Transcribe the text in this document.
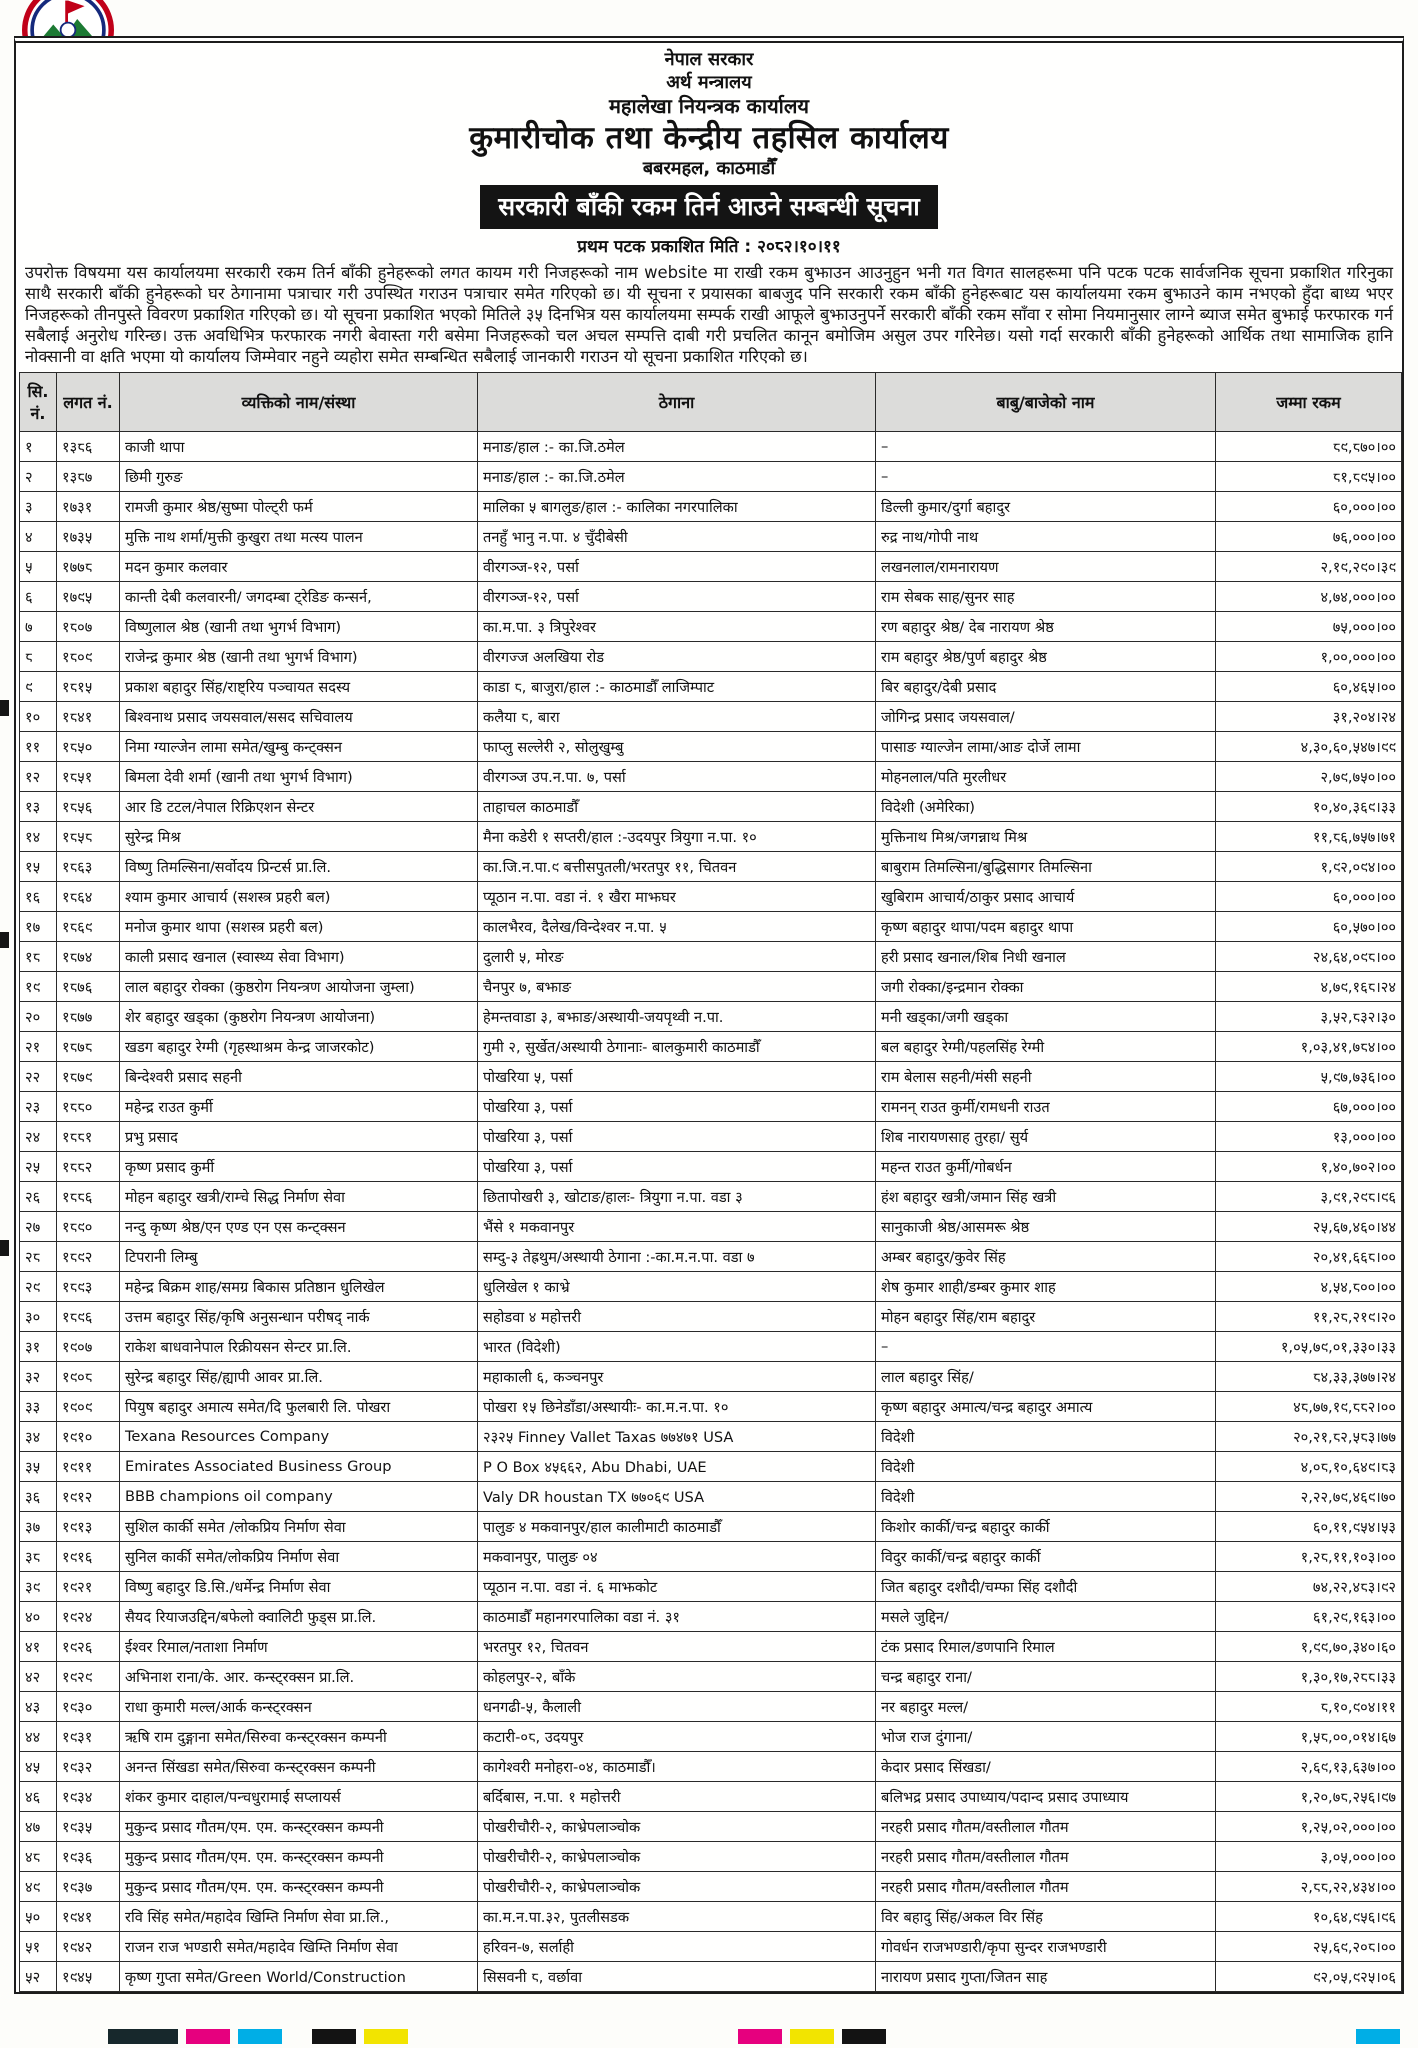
नेपाल सरकार
अर्थ मन्त्रालय
महालेखा नियन्त्रक कार्यालय
कुमारीचोक तथा केन्द्रीय तहसिल कार्यालय
बबरमहल, काठमाडौँ
सरकारी बाँकी रकम तिर्न आउने सम्बन्धी सूचना
प्रथम पटक प्रकाशित मिति : २०८२।१०।११
उपरोक्त विषयमा यस कार्यालयमा सरकारी रकम तिर्न बाँकी हुनेहरूको लगत कायम गरी निजहरूको नाम website मा राखी रकम बुझाउन आउनुहुन भनी गत विगत सालहरूमा पनि पटक पटक सार्वजनिक सूचना प्रकाशित गरिनुका साथै सरकारी बाँकी हुनेहरूको घर ठेगानामा पत्राचार गरी उपस्थित गराउन पत्राचार समेत गरिएको छ। यी सूचना र प्रयासका बाबजुद पनि सरकारी रकम बाँकी हुनेहरूबाट यस कार्यालयमा रकम बुझाउने काम नभएको हुँदा बाध्य भएर निजहरूको तीनपुस्ते विवरण प्रकाशित गरिएको छ। यो सूचना प्रकाशित भएको मितिले ३५ दिनभित्र यस कार्यालयमा सम्पर्क राखी आफूले बुझाउनुपर्ने सरकारी बाँकी रकम साँवा र सोमा नियमानुसार लाग्ने ब्याज समेत बुझाई फरफारक गर्न सबैलाई अनुरोध गरिन्छ। उक्त अवधिभित्र फरफारक नगरी बेवास्ता गरी बसेमा निजहरूको चल अचल सम्पत्ति दाबी गरी प्रचलित कानून बमोजिम असुल उपर गरिनेछ। यसो गर्दा सरकारी बाँकी हुनेहरूको आर्थिक तथा सामाजिक हानि नोक्सानी वा क्षति भएमा यो कार्यालय जिम्मेवार नहुने व्यहोरा समेत सम्बन्धित सबैलाई जानकारी गराउन यो सूचना प्रकाशित गरिएको छ।
सि. नं.	लगत नं.	व्यक्तिको नाम/संस्था	ठेगाना	बाबु/बाजेको नाम	जम्मा रकम
१	१३८६	काजी थापा	मनाङ/हाल :- का.जि.ठमेल	–	८९,८७०।००
२	१३८७	छिमी गुरुङ	मनाङ/हाल :- का.जि.ठमेल	–	८१,८९५।००
३	१७३१	रामजी कुमार श्रेष्ठ/सुष्मा पोल्ट्री फर्म	मालिका ५ बागलुङ/हाल :- कालिका नगरपालिका	डिल्ली कुमार/दुर्गा बहादुर	६०,०००।००
४	१७३५	मुक्ति नाथ शर्मा/मुक्ती कुखुरा तथा मत्स्य पालन	तनहुँ भानु न.पा. ४ चुँदीबेसी	रुद्र नाथ/गोपी नाथ	७६,०००।००
५	१७७८	मदन कुमार कलवार	वीरगञ्ज-१२, पर्सा	लखनलाल/रामनारायण	२,१९,२९०।३९
६	१७९५	कान्ती देबी कलवारनी/ जगदम्बा ट्रेडिङ कन्सर्न,	वीरगञ्ज-१२, पर्सा	राम सेबक साह/सुनर साह	४,७४,०००।००
७	१८०७	विष्णुलाल श्रेष्ठ (खानी तथा भुगर्भ विभाग)	का.म.पा. ३ त्रिपुरेश्वर	रण बहादुर श्रेष्ठ/ देब नारायण श्रेष्ठ	७५,०००।००
८	१८०९	राजेन्द्र कुमार श्रेष्ठ (खानी तथा भुगर्भ विभाग)	वीरगज्ज अलखिया रोड	राम बहादुर श्रेष्ठ/पुर्ण बहादुर श्रेष्ठ	१,००,०००।००
९	१८१५	प्रकाश बहादुर सिंह/राष्ट्रिय पञ्चायत सदस्य	काडा ८, बाजुरा/हाल :- काठमाडौँ लाजिम्पाट	बिर बहादुर/देबी प्रसाद	६०,४६५।००
१०	१८४१	बिश्वनाथ प्रसाद जयसवाल/ससद सचिवालय	कलैया ८, बारा	जोगिन्द्र प्रसाद जयसवाल/	३१,२०४।२४
११	१८५०	निमा ग्याल्जेन लामा समेत/खुम्बु कन्ट्क्सन	फाप्लु सल्लेरी २, सोलुखुम्बु	पासाङ ग्याल्जेन लामा/आङ दोर्जे लामा	४,३०,६०,५४७।९९
१२	१८५१	बिमला देवी शर्मा (खानी तथा भुगर्भ विभाग)	वीरगञ्ज उप.न.पा. ७, पर्सा	मोहनलाल/पति मुरलीधर	२,७९,७५०।००
१३	१८५६	आर डि टटल/नेपाल रिक्रिएशन सेन्टर	ताहाचल काठमाडौँ	विदेशी (अमेरिका)	१०,४०,३६९।३३
१४	१८५८	सुरेन्द्र मिश्र	मैना कडेरी १ सप्तरी/हाल :-उदयपुर त्रियुगा न.पा. १०	मुक्तिनाथ मिश्र/जगन्नाथ मिश्र	११,८६,७५७।७१
१५	१८६३	विष्णु तिमल्सिना/सर्वोदय प्रिन्टर्स प्रा.लि.	का.जि.न.पा.९ बत्तीसपुतली/भरतपुर ११, चितवन	बाबुराम तिमल्सिना/बुद्धिसागर तिमल्सिना	१,९२,०९४।००
१६	१८६४	श्याम कुमार आचार्य (सशस्त्र प्रहरी बल)	प्यूठान न.पा. वडा नं. १ खैरा माझघर	खुबिराम आचार्य/ठाकुर प्रसाद आचार्य	६०,०००।००
१७	१८६९	मनोज कुमार थापा (सशस्त्र प्रहरी बल)	कालभैरव, दैलेख/विन्देश्वर न.पा. ५	कृष्ण बहादुर थापा/पदम बहादुर थापा	६०,५७०।००
१८	१८७४	काली प्रसाद खनाल (स्वास्थ्य सेवा विभाग)	दुलारी ५, मोरङ	हरी प्रसाद खनाल/शिब निधी खनाल	२४,६४,०९८।००
१९	१८७६	लाल बहादुर रोक्का (कुष्ठरोग नियन्त्रण आयोजना जुम्ला)	चैनपुर ७, बझाङ	जगी रोक्का/इन्द्रमान रोक्का	४,७९,१६८।२४
२०	१८७७	शेर बहादुर खड्का (कुष्ठरोग नियन्त्रण आयोजना)	हेमन्तवाडा ३, बझाङ/अस्थायी-जयपृथ्वी न.पा.	मनी खड्का/जगी खड्का	३,५२,८३२।३०
२१	१८७८	खडग बहादुर रेग्मी (गृहस्थाश्रम केन्द्र जाजरकोट)	गुमी २, सुर्खेत/अस्थायी ठेगानाः- बालकुमारी काठमाडौँ	बल बहादुर रेग्मी/पहलसिंह रेग्मी	१,०३,४१,७८४।००
२२	१८७९	बिन्देश्वरी प्रसाद सहनी	पोखरिया ५, पर्सा	राम बेलास सहनी/मंसी सहनी	५,९७,७३६।००
२३	१८८०	महेन्द्र राउत कुर्मी	पोखरिया ३, पर्सा	रामनन् राउत कुर्मी/रामधनी राउत	६७,०००।००
२४	१८८१	प्रभु प्रसाद	पोखरिया ३, पर्सा	शिब नारायणसाह तुरहा/ सुर्य	१३,०००।००
२५	१८८२	कृष्ण प्रसाद कुर्मी	पोखरिया ३, पर्सा	महन्त राउत कुर्मी/गोबर्धन	१,४०,७०२।००
२६	१८८६	मोहन बहादुर खत्री/राम्चे सिद्ध निर्माण सेवा	छितापोखरी ३, खोटाङ/हालः- त्रियुगा न.पा. वडा ३	हंश बहादुर खत्री/जमान सिंह खत्री	३,९१,२९८।९६
२७	१८९०	नन्दु कृष्ण श्रेष्ठ/एन एण्ड एन एस कन्ट्क्सन	भैंसे १ मकवानपुर	सानुकाजी श्रेष्ठ/आसमरू श्रेष्ठ	२५,६७,४६०।४४
२८	१८९२	टिपरानी लिम्बु	सम्दु-३ तेह्रथुम/अस्थायी ठेगाना :-का.म.न.पा. वडा ७	अम्बर बहादुर/कुवेर सिंह	२०,४१,६६८।००
२९	१८९३	महेन्द्र बिक्रम शाह/समग्र बिकास प्रतिष्ठान धुलिखेल	धुलिखेल १ काभ्रे	शेष कुमार शाही/डम्बर कुमार शाह	४,५४,८००।००
३०	१८९६	उत्तम बहादुर सिंह/कृषि अनुसन्धान परीषद् नार्क	सहोडवा ४ महोत्तरी	मोहन बहादुर सिंह/राम बहादुर	११,२८,२१९।२०
३१	१९०७	राकेश बाधवानेपाल रिक्रीयसन सेन्टर प्रा.लि.	भारत (विदेशी)	–	१,०५,७९,०१,३३०।३३
३२	१९०८	सुरेन्द्र बहादुर सिंह/ह्यापी आवर प्रा.लि.	महाकाली ६, कञ्चनपुर	लाल बहादुर सिंह/	८४,३३,३७७।२४
३३	१९०९	पियुष बहादुर अमात्य समेत/दि फुलबारी लि. पोखरा	पोखरा १५ छिनेडाँडा/अस्थायीः- का.म.न.पा. १०	कृष्ण बहादुर अमात्य/चन्द्र बहादुर अमात्य	४८,७७,१९,८८२।००
३४	१९१०	Texana Resources Company	२३२५ Finney Vallet Taxas ७७४७१ USA	विदेशी	२०,२१,८२,५८३।७७
३५	१९११	Emirates Associated Business Group	P O Box ४५६६२, Abu Dhabi, UAE	विदेशी	४,०८,१०,६४९।८३
३६	१९१२	BBB champions oil company	Valy DR houstan TX ७७०६९ USA	विदेशी	२,२२,७९,४६९।७०
३७	१९१३	सुशिल कार्की समेत /लोकप्रिय निर्माण सेवा	पालुङ ४ मकवानपुर/हाल कालीमाटी काठमाडौँ	किशोर कार्की/चन्द्र बहादुर कार्की	६०,११,९५४।५३
३८	१९१६	सुनिल कार्की समेत/लोकप्रिय निर्माण सेवा	मकवानपुर, पालुङ ०४	विदुर कार्की/चन्द्र बहादुर कार्की	१,२८,११,१०३।००
३९	१९२१	विष्णु बहादुर डि.सि./धर्मेन्द्र निर्माण सेवा	प्यूठान न.पा. वडा नं. ६ माझकोट	जित बहादुर दशौदी/चम्फा सिंह दशौदी	७४,२२,४८३।९२
४०	१९२४	सैयद रियाजउद्दिन/बफेलो क्वालिटी फुड्स प्रा.लि.	काठमाडौँ महानगरपालिका वडा नं. ३१	मसले जुद्दिन/	६१,२९,१६३।००
४१	१९२६	ईश्वर रिमाल/नताशा निर्माण	भरतपुर १२, चितवन	टंक प्रसाद रिमाल/डणपानि रिमाल	१,९९,७०,३४०।६०
४२	१९२९	अभिनाश राना/के. आर. कन्स्ट्रक्सन प्रा.लि.	कोहलपुर-२, बाँके	चन्द्र बहादुर राना/	१,३०,१७,२८८।३३
४३	१९३०	राधा कुमारी मल्ल/आर्क कन्स्ट्रक्सन	धनगढी-५, कैलाली	नर बहादुर मल्ल/	८,१०,९०४।११
४४	१९३१	ऋषि राम दुङ्गाना समेत/सिरुवा कन्स्ट्रक्सन कम्पनी	कटारी-०८, उदयपुर	भोज राज दुंगाना/	१,५८,००,०१४।६७
४५	१९३२	अनन्त सिंखडा समेत/सिरुवा कन्स्ट्रक्सन कम्पनी	कागेश्वरी मनोहरा-०४, काठमाडौँ।	केदार प्रसाद सिंखडा/	२,६९,१३,६३७।००
४६	१९३४	शंकर कुमार दाहाल/पन्चधुरामाई सप्लायर्स	बर्दिबास, न.पा. १ महोत्तरी	बलिभद्र प्रसाद उपाध्याय/पदान्द प्रसाद उपाध्याय	१,२०,७८,२५६।९७
४७	१९३५	मुकुन्द प्रसाद गौतम/एम. एम. कन्स्ट्रक्सन कम्पनी	पोखरीचौरी-२, काभ्रेपलाञ्चोक	नरहरी प्रसाद गौतम/वस्तीलाल गौतम	१,२५,०२,०००।००
४८	१९३६	मुकुन्द प्रसाद गौतम/एम. एम. कन्स्ट्रक्सन कम्पनी	पोखरीचौरी-२, काभ्रेपलाञ्चोक	नरहरी प्रसाद गौतम/वस्तीलाल गौतम	३,०५,०००।००
४९	१९३७	मुकुन्द प्रसाद गौतम/एम. एम. कन्स्ट्रक्सन कम्पनी	पोखरीचौरी-२, काभ्रेपलाञ्चोक	नरहरी प्रसाद गौतम/वस्तीलाल गौतम	२,८८,२२,४३४।००
५०	१९४१	रवि सिंह समेत/महादेव खिम्ति निर्माण सेवा प्रा.लि.,	का.म.न.पा.३२, पुतलीसडक	विर बहादु सिंह/अकल विर सिंह	१०,६४,९५६।९६
५१	१९४२	राजन राज भण्डारी समेत/महादेव खिम्ति निर्माण सेवा	हरिवन-७, सर्लाही	गोवर्धन राजभण्डारी/कृपा सुन्दर राजभण्डारी	२५,६९,२०८।००
५२	१९४५	कृष्ण गुप्ता समेत/Green World/Construction	सिसवनी ८, वर्छावा	नारायण प्रसाद गुप्ता/जितन साह	९२,०५,९२५।०६
